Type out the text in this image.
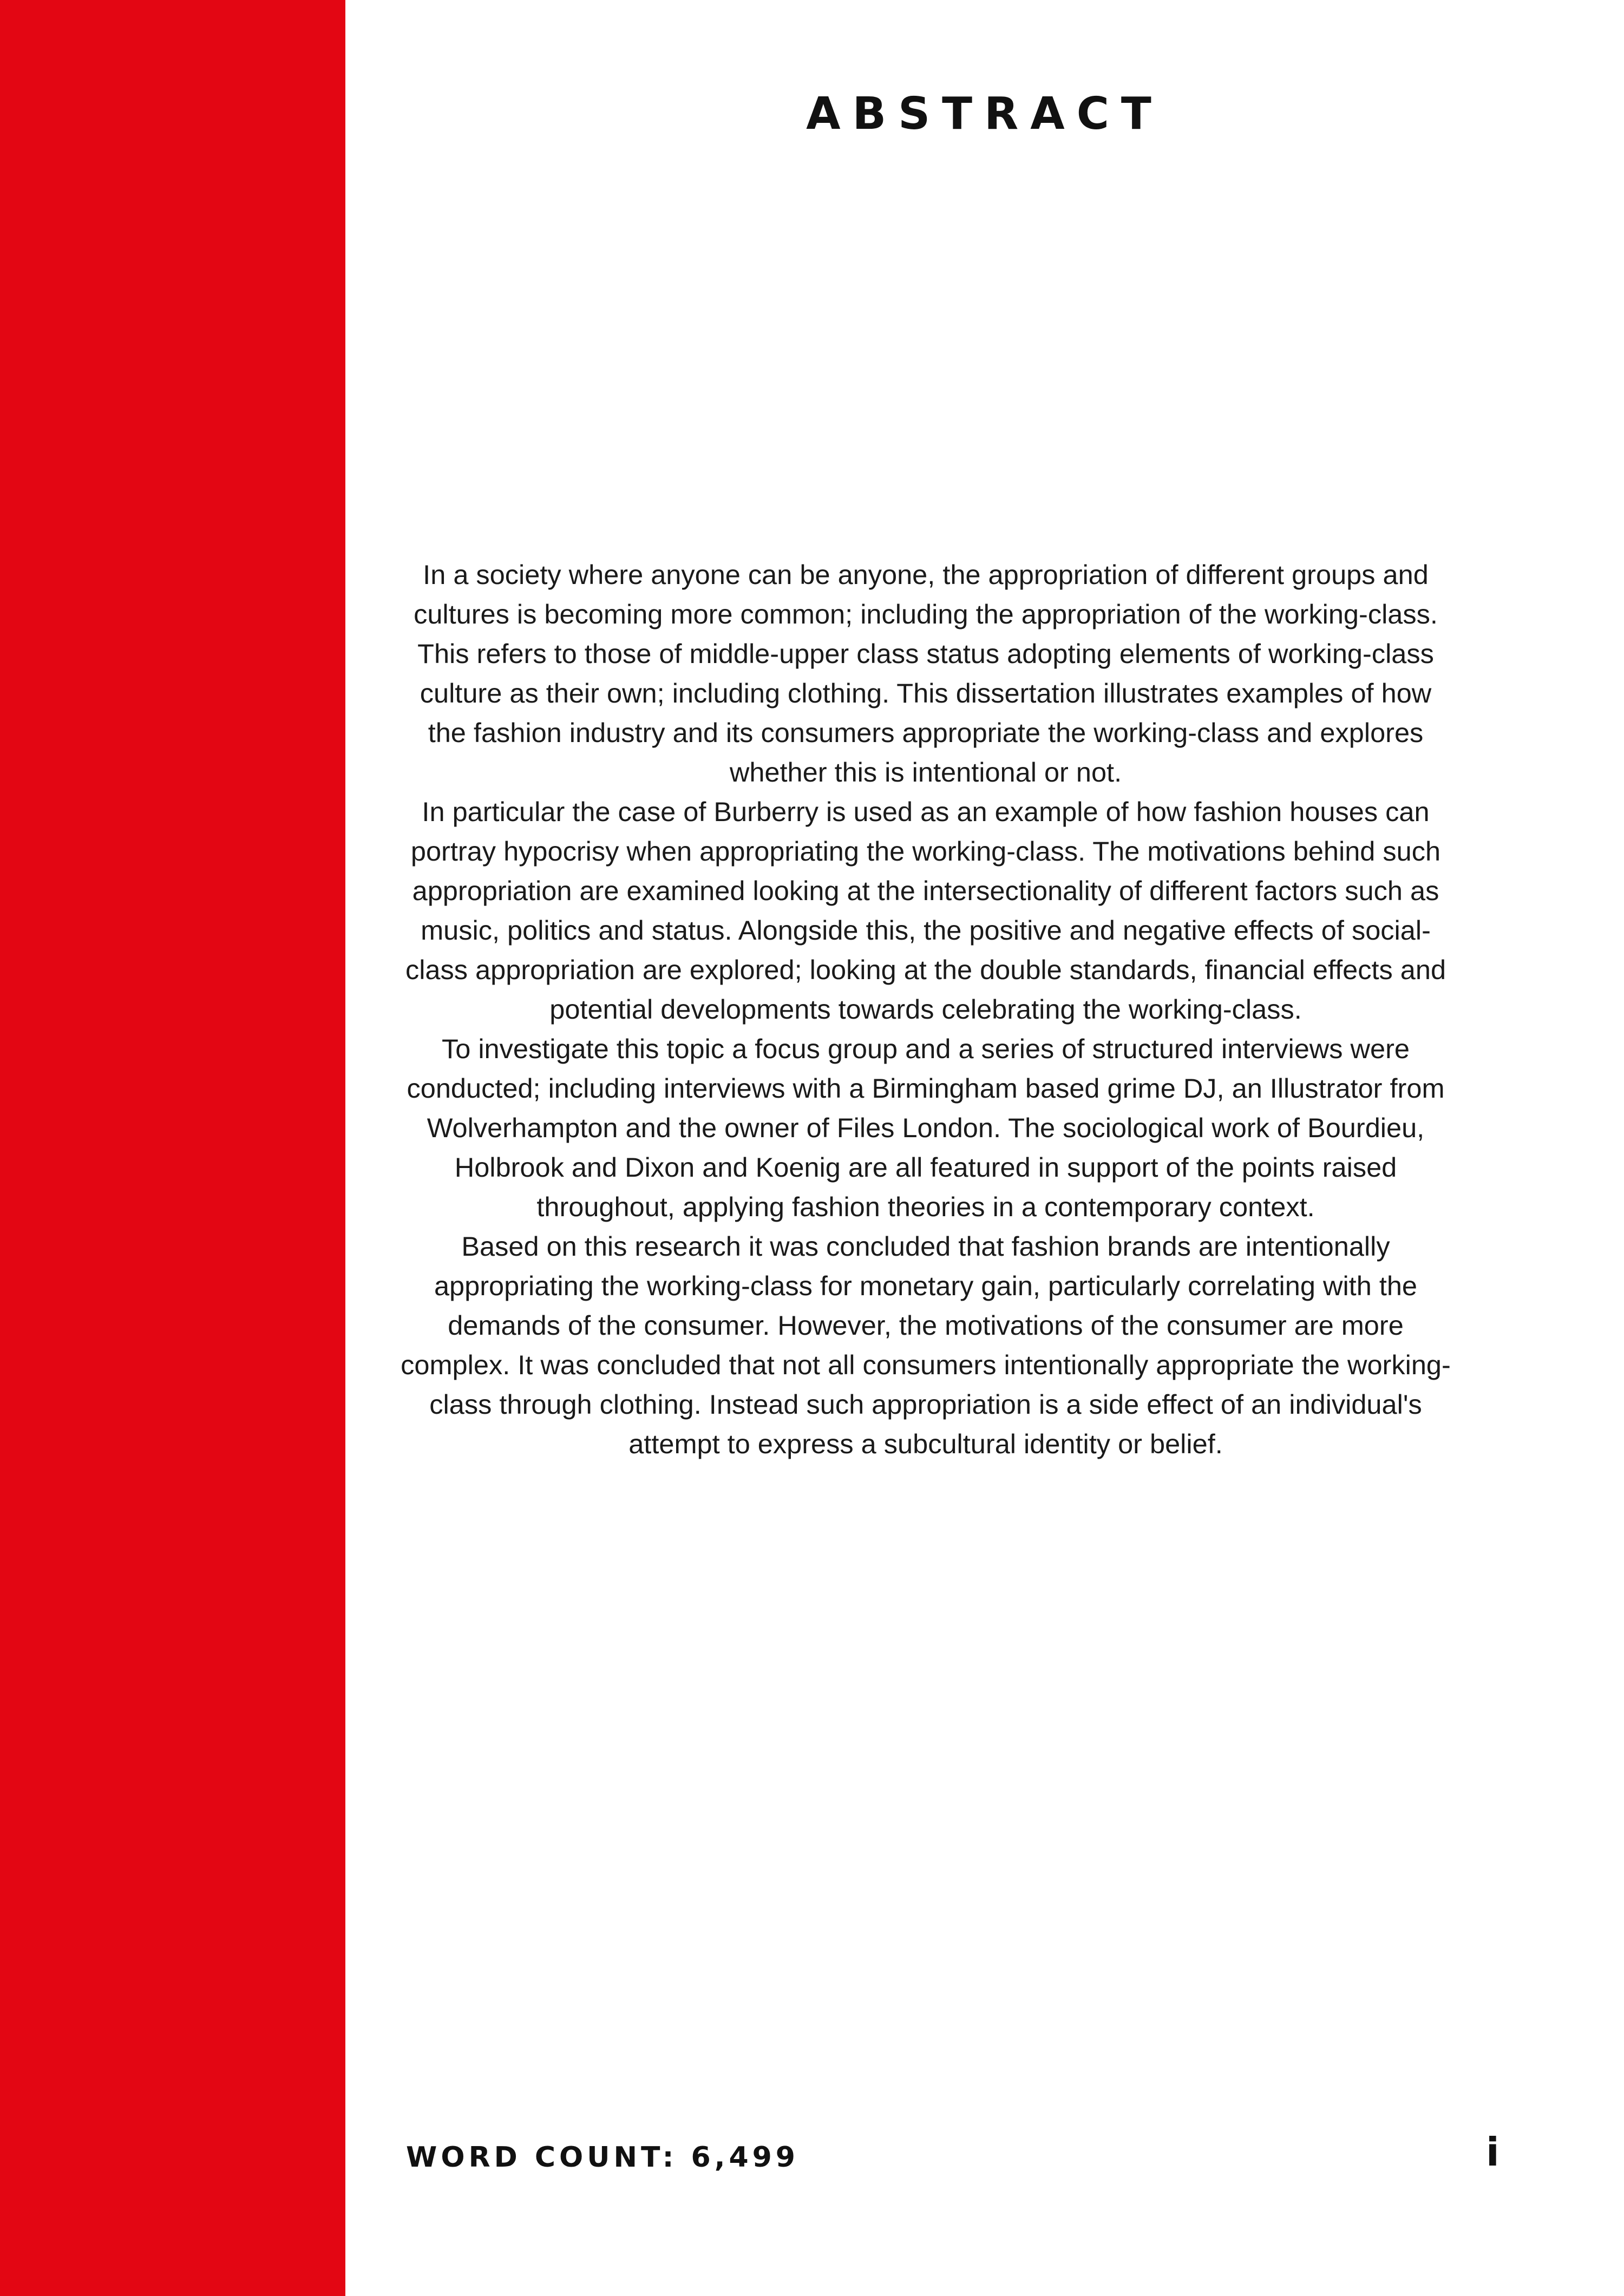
ABSTRACT

In a society where anyone can be anyone, the appropriation of different groups and cultures is becoming more common; including the appropriation of the working-class. This refers to those of middle-upper class status adopting elements of working-class culture as their own; including clothing. This dissertation illustrates examples of how the fashion industry and its consumers appropriate the working-class and explores whether this is intentional or not.

In particular the case of Burberry is used as an example of how fashion houses can portray hypocrisy when appropriating the working-class. The motivations behind such appropriation are examined looking at the intersectionality of different factors such as music, politics and status. Alongside this, the positive and negative effects of social-class appropriation are explored; looking at the double standards, financial effects and potential developments towards celebrating the working-class.

To investigate this topic a focus group and a series of structured interviews were conducted; including interviews with a Birmingham based grime DJ, an Illustrator from Wolverhampton and the owner of Files London. The sociological work of Bourdieu, Holbrook and Dixon and Koenig are all featured in support of the points raised throughout, applying fashion theories in a contemporary context.

Based on this research it was concluded that fashion brands are intentionally appropriating the working-class for monetary gain, particularly correlating with the demands of the consumer. However, the motivations of the consumer are more complex. It was concluded that not all consumers intentionally appropriate the working-class through clothing. Instead such appropriation is a side effect of an individual's attempt to express a subcultural identity or belief.

WORD COUNT: 6,499	i
